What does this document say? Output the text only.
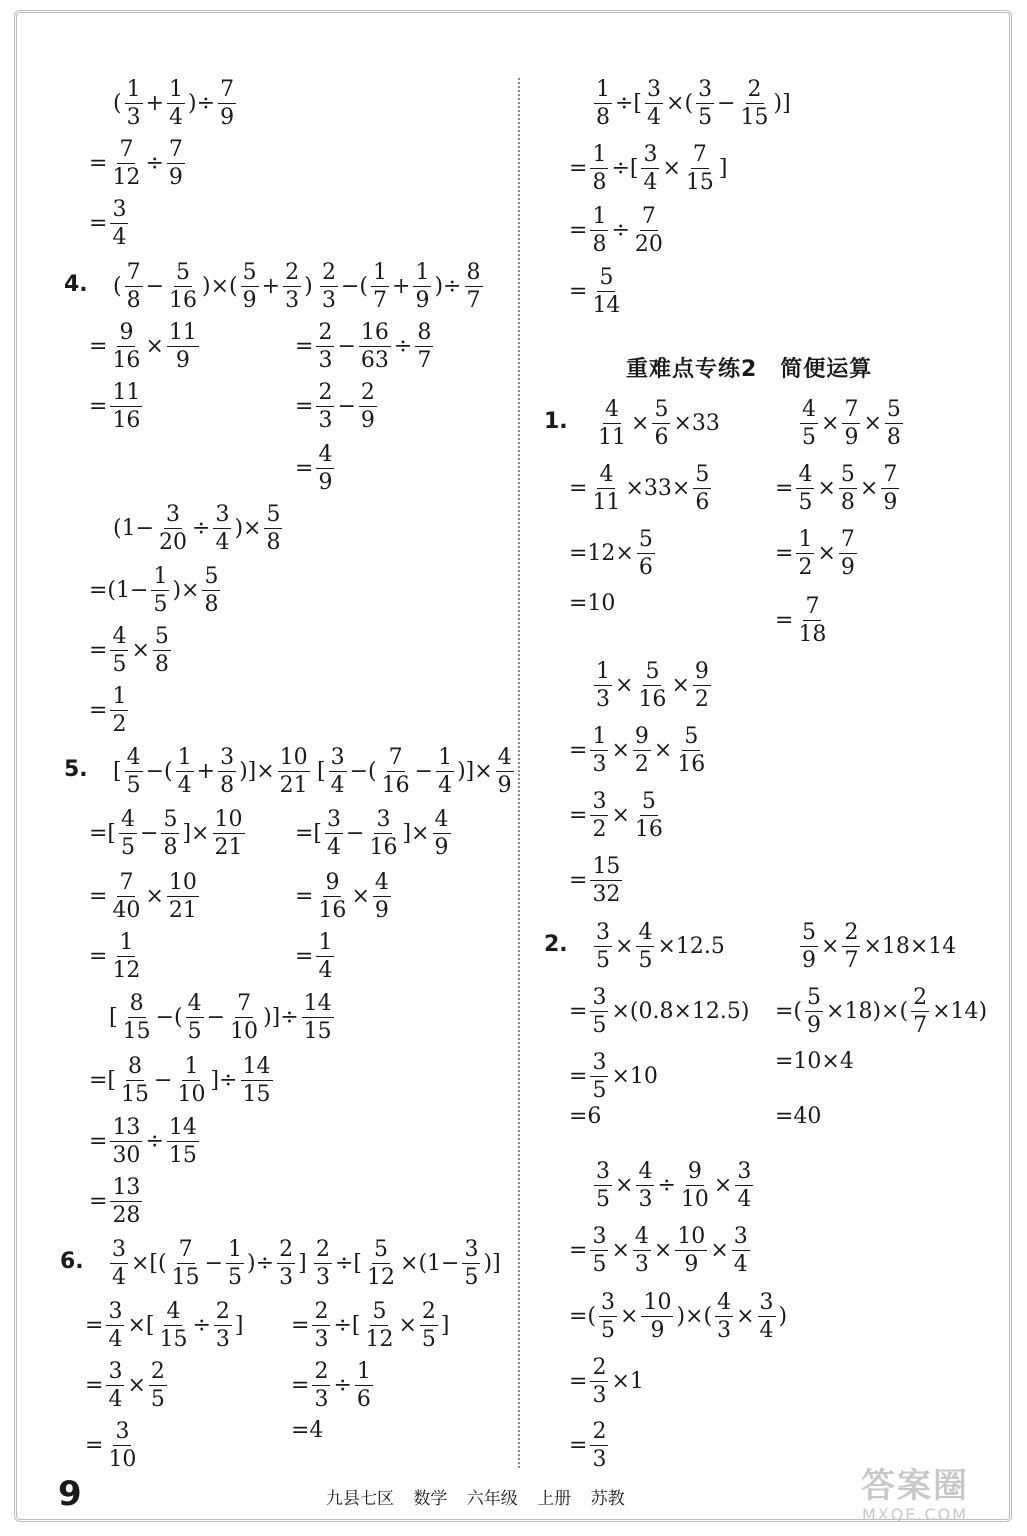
4.
5.
6.
1.
2.
重难点专练2　简便运算
( $\frac{1}{3} + \frac{1}{4}$ )÷ $\frac{7}{9}$
= $\frac{7}{12} \div \frac{7}{9}$
= $\frac{3}{4}$
( $\frac{7}{8} - \frac{5}{16}$ )×( $\frac{5}{9} + \frac{2}{3}$ ) $\frac{2}{3}$ −( $\frac{1}{7} + \frac{1}{9}$ )÷ $\frac{8}{7}$
= $\frac{9}{16} \times \frac{11}{9}$	= $\frac{2}{3} - \frac{16}{63} \div \frac{8}{7}$
= $\frac{11}{16}$	= $\frac{2}{3} - \frac{2}{9}$
= $\frac{4}{9}$
($1- \frac{3}{20} \div \frac{3}{4}$ )× $\frac{5}{8}$
$=(1- \frac{1}{5}$ )× $\frac{5}{8}$
= $\frac{4}{5} \times \frac{5}{8}$
= $\frac{1}{2}$
[ $\frac{4}{5}$ −( $\frac{1}{4} + \frac{3}{8}$ )]× $\frac{10}{21}$ [ $\frac{3}{4}$ −( $\frac{7}{16} - \frac{1}{4}$ )]× $\frac{4}{9}$
=[ $\frac{4}{5} - \frac{5}{8}$ ]× $\frac{10}{21}$ =[ $\frac{3}{4} - \frac{3}{16}$ ]× $\frac{4}{9}$
= $\frac{7}{40} \times \frac{10}{21}$	= $\frac{9}{16} \times \frac{4}{9}$
= $\frac{1}{12}$	= $\frac{1}{4}$
[ $\frac{8}{15}$ −( $\frac{4}{5} - \frac{7}{10}$ )]÷ $\frac{14}{15}$
=[ $\frac{8}{15} - \frac{1}{10}$ ]÷ $\frac{14}{15}$
= $\frac{13}{30} \div \frac{14}{15}$
= $\frac{13}{28}$
$\frac{3}{4}$ ×[( $\frac{7}{15} - \frac{1}{5}$ )÷ $\frac{2}{3}$ ] $\frac{2}{3}$ ÷[ $\frac{5}{12} \times(1- \frac{3}{5}$ )]
= $\frac{3}{4}$ ×[ $\frac{4}{15} \div \frac{2}{3}$ ] = $\frac{2}{3}$ ÷[ $\frac{5}{12} \times \frac{2}{5}$ ]
= $\frac{3}{4} \times \frac{2}{5}$	= $\frac{2}{3} \div \frac{1}{6}$
= $\frac{3}{10}$	=4
$\frac{1}{8}$ ÷[ $\frac{3}{4}$ ×( $\frac{3}{5} - \frac{2}{15}$ )]
= $\frac{1}{8}$ ÷[ $\frac{3}{4} \times \frac{7}{15}$ ]
= $\frac{1}{8} \div \frac{7}{20}$
= $\frac{5}{14}$
$\frac{4}{11} \times \frac{5}{6} \times 33$	$\frac{4}{5} \times \frac{7}{9} \times \frac{5}{8}$
= $\frac{4}{11} \times 33\times \frac{5}{6}$	= $\frac{4}{5} \times \frac{5}{8} \times \frac{7}{9}$
$=12\times \frac{5}{6}$	= $\frac{1}{2} \times \frac{7}{9}$
=10
= $\frac{7}{18}$
$\frac{1}{3} \times \frac{5}{16} \times \frac{9}{2}$
= $\frac{1}{3} \times \frac{9}{2} \times \frac{5}{16}$
= $\frac{3}{2} \times \frac{5}{16}$
= $\frac{15}{32}$
$\frac{3}{5} \times \frac{4}{5} \times 12.5$	$\frac{5}{9} \times \frac{2}{7} \times 18\times 14$
= $\frac{3}{5} \times(0.8\times 12.5)$ =( $\frac{5}{9} \times 18)\times( \frac{2}{7} \times 14)$
= $\frac{3}{5} \times 10$
=10×4
=6	=40
$\frac{3}{5} \times \frac{4}{3} \div \frac{9}{10} \times \frac{3}{4}$
= $\frac{3}{5} \times \frac{4}{3} \times \frac{10}{9} \times \frac{3}{4}$
=( $\frac{3}{5} \times \frac{10}{9}$ )×( $\frac{4}{3} \times \frac{3}{4}$ )
= $\frac{2}{3} \times 1$
= $\frac{2}{3}$
9	九县七区 数学 六年级 上册 苏教	答案圈
MXQE.COM
